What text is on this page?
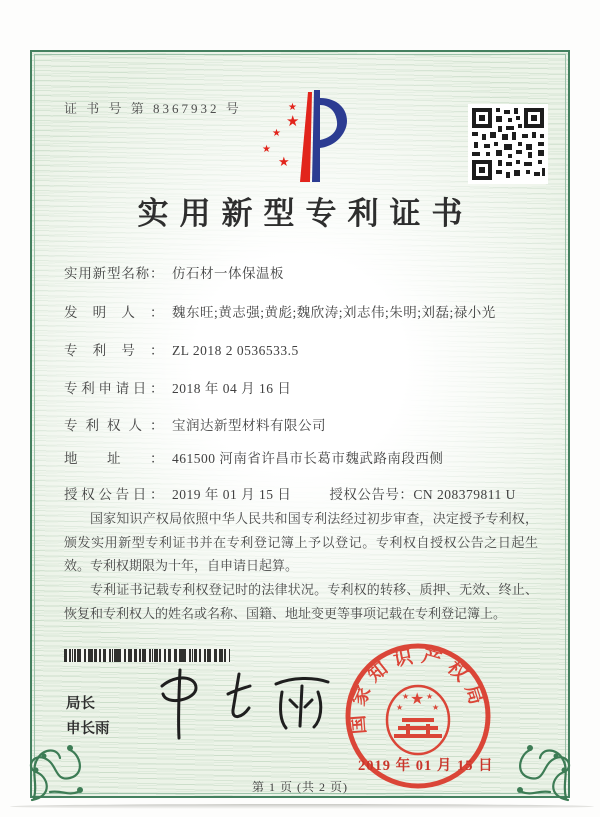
证 书 号 第 8367932 号
★
★
★
★
★
实用新型专利证书
实用新型名称： 仿石材一体保温板
发明人： 魏东旺;黄志强;黄彪;魏欣涛;刘志伟;朱明;刘磊;禄小光
专利号： ZL 2018 2 0536533.5
专利申请日： 2018 年 04 月 16 日
专利权人： 宝润达新型材料有限公司
地址： 461500 河南省许昌市长葛市魏武路南段西侧
授权公告日： 2019 年 01 月 15 日	授权公告号：CN 208379811 U

国家知识产权局依照中华人民共和国专利法经过初步审查，决定授予专利权，颁发实用新型专利证书并在专利登记簿上予以登记。专利权自授权公告之日起生效。专利权期限为十年，自申请日起算。

专利证书记载专利权登记时的法律状况。专利权的转移、质押、无效、终止、恢复和专利权人的姓名或名称、国籍、地址变更等事项记载在专利登记簿上。

局长
申长雨	国家知识产权局
★
★
★ ★
★
2019 年 01 月 15 日
第 1 页 (共 2 页)
